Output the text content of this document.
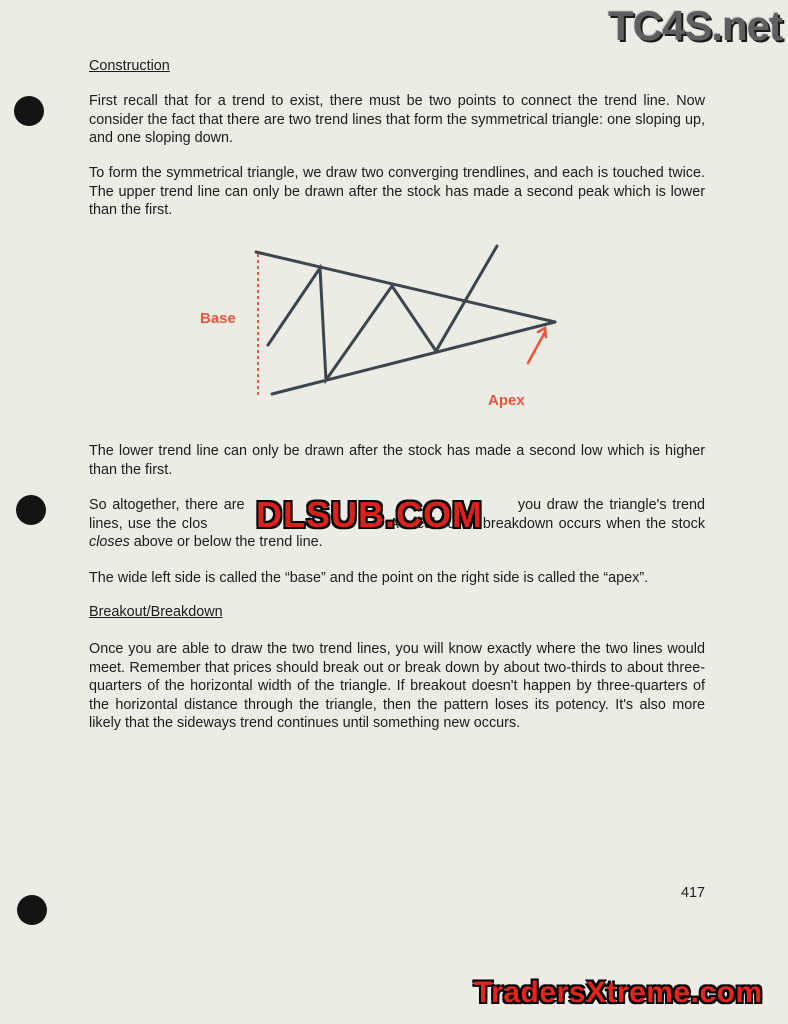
TC4S.net
Construction
First recall that for a trend to exist, there must be two points to connect the trend line. Now consider the fact that there are two trend lines that form the symmetrical triangle: one sloping up, and one sloping down.
To form the symmetrical triangle, we draw two converging trendlines, and each is touched twice. The upper trend line can only be drawn after the stock has made a second peak which is lower than the first.
Base
Apex
The lower trend line can only be drawn after the stock has made a second low which is higher than the first.
So altogether, there are	you draw the triangle's trend lines, use the clos	A breakout or breakdown occurs when the stock closes above or below the trend line.
DLSUB.COM
The wide left side is called the “base” and the point on the right side is called the “apex”.
Breakout/Breakdown
Once you are able to draw the two trend lines, you will know exactly where the two lines would meet. Remember that prices should break out or break down by about two-thirds to about three-quarters of the horizontal width of the triangle. If breakout doesn't happen by three-quarters of the horizontal distance through the triangle, then the pattern loses its potency. It's also more likely that the sideways trend continues until something new occurs.
417
TradersXtreme.com
